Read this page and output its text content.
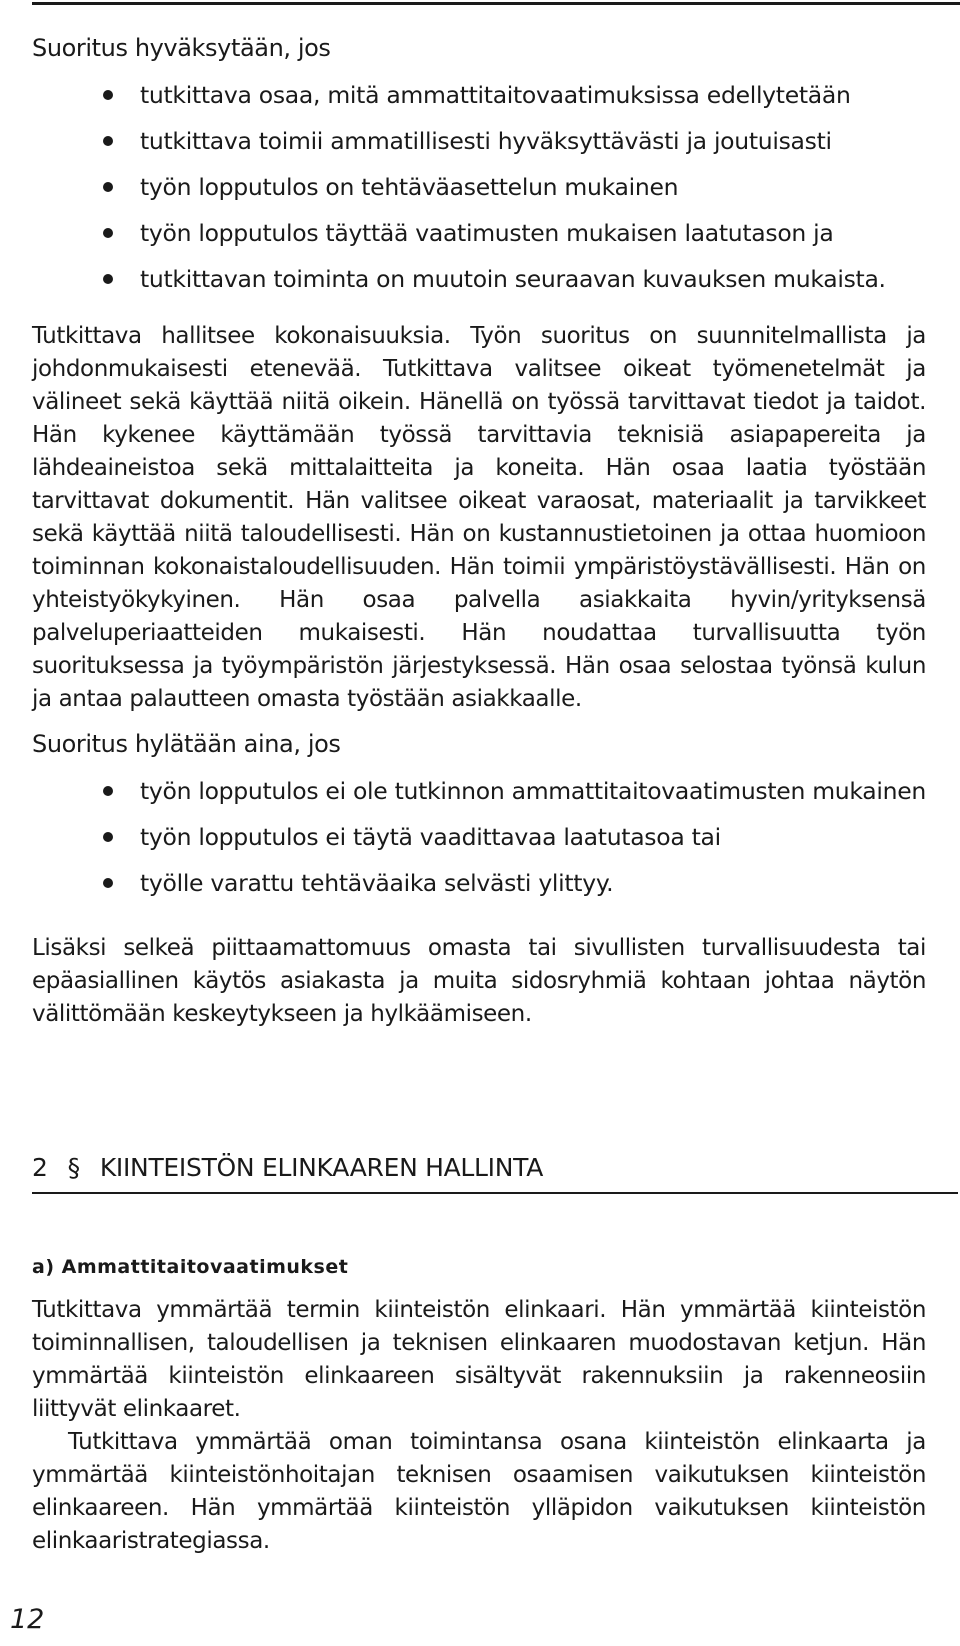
Suoritus hyväksytään, jos

tutkittava osaa, mitä ammattitaitovaatimuksissa edellytetään
tutkittava toimii ammatillisesti hyväksyttävästi ja joutuisasti
työn lopputulos on tehtäväasettelun mukainen
työn lopputulos täyttää vaatimusten mukaisen laatutason ja
tutkittavan toiminta on muutoin seuraavan kuvauksen mukaista.

Tutkittava hallitsee kokonaisuuksia. Työn suoritus on suunnitelmallista ja johdonmukaisesti etenevää. Tutkittava valitsee oikeat työmenetelmät ja välineet sekä käyttää niitä oikein. Hänellä on työssä tarvittavat tiedot ja taidot. Hän kykenee käyttämään työssä tarvittavia teknisiä asiapapereita ja lähdeaineistoa sekä mittalaitteita ja koneita. Hän osaa laatia työstään tarvittavat dokumentit. Hän valitsee oikeat varaosat, materiaalit ja tarvikkeet sekä käyttää niitä taloudellisesti. Hän on kustannustietoinen ja ottaa huomioon toiminnan kokonaistaloudellisuuden. Hän toimii ympäristöystävällisesti. Hän on yhteistyökykyinen. Hän osaa palvella asiakkaita hyvin/yrityksensä palveluperiaatteiden mukaisesti. Hän noudattaa turvallisuutta työn suorituksessa ja työympäristön järjestyksessä. Hän osaa selostaa työnsä kulun ja antaa palautteen omasta työstään asiakkaalle.

Suoritus hylätään aina, jos

työn lopputulos ei ole tutkinnon ammattitaitovaatimusten mukainen
työn lopputulos ei täytä vaadittavaa laatutasoa tai
työlle varattu tehtäväaika selvästi ylittyy.

Lisäksi selkeä piittaamattomuus omasta tai sivullisten turvallisuudesta tai epäasiallinen käytös asiakasta ja muita sidosryhmiä kohtaan johtaa näytön välittömään keskeytykseen ja hylkäämiseen.

2 § KIINTEISTÖN ELINKAAREN HALLINTA
a) Ammattitaitovaatimukset

Tutkittava ymmärtää termin kiinteistön elinkaari. Hän ymmärtää kiinteistön toiminnallisen, taloudellisen ja teknisen elinkaaren muodostavan ketjun. Hän ymmärtää kiinteistön elinkaareen sisältyvät rakennuksiin ja rakenneosiin liittyvät elinkaaret.

Tutkittava ymmärtää oman toimintansa osana kiinteistön elinkaarta ja ymmärtää kiinteistönhoitajan teknisen osaamisen vaikutuksen kiinteistön elinkaareen. Hän ymmärtää kiinteistön ylläpidon vaikutuksen kiinteistön elinkaaristrategiassa.

12
